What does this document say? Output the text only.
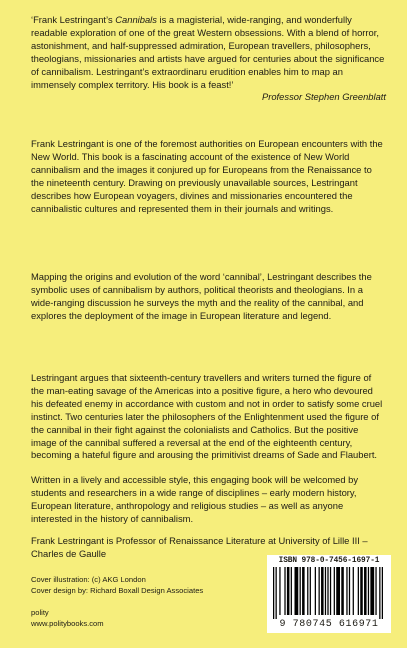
‘Frank Lestringant’s Cannibals is a magisterial, wide-ranging, and wonderfully readable exploration of one of the great Western obsessions. With a blend of horror, astonishment, and half-suppressed admiration, European travellers, philosophers, theologians, missionaries and artists have argued for centuries about the significance of cannibalism. Lestringant’s extraordinaru erudition enables him to map an immensely complex territory. His book is a feast!’

Professor Stephen Greenblatt

Frank Lestringant is one of the foremost authorities on European encounters with the New World. This book is a fascinating account of the existence of New World cannibalism and the images it conjured up for Europeans from the Renaissance to the nineteenth century. Drawing on previously unavailable sources, Lestringant describes how European voyagers, divines and missionaries encountered the cannibalistic cultures and represented them in their journals and writings.

Mapping the origins and evolution of the word ‘cannibal’, Lestringant describes the symbolic uses of cannibalism by authors, political theorists and theologians. In a wide-ranging discussion he surveys the myth and the reality of the cannibal, and explores the deployment of the image in European literature and legend.

Lestringant argues that sixteenth-century travellers and writers turned the figure of the man-eating savage of the Americas into a positive figure, a hero who devoured his defeated enemy in accordance with custom and not in order to satisfy some cruel instinct. Two centuries later the philosophers of the Enlightenment used the figure of the cannibal in their fight against the colonialists and Catholics. But the positive image of the cannibal suffered a reversal at the end of the eighteenth century, becoming a hateful figure and arousing the primitivist dreams of Sade and Flaubert.

Written in a lively and accessible style, this engaging book will be welcomed by students and researchers in a wide range of disciplines – early modern history, European literature, anthropology and religious studies – as well as anyone interested in the history of cannibalism.

Frank Lestringant is Professor of Renaissance Literature at University of Lille III – Charles de Gaulle

Cover illustration: (c) AKG London
Cover design by: Richard Boxall Design Associates
polity
www.politybooks.com
ISBN 978-0-7456-1697-1
9 780745 616971
